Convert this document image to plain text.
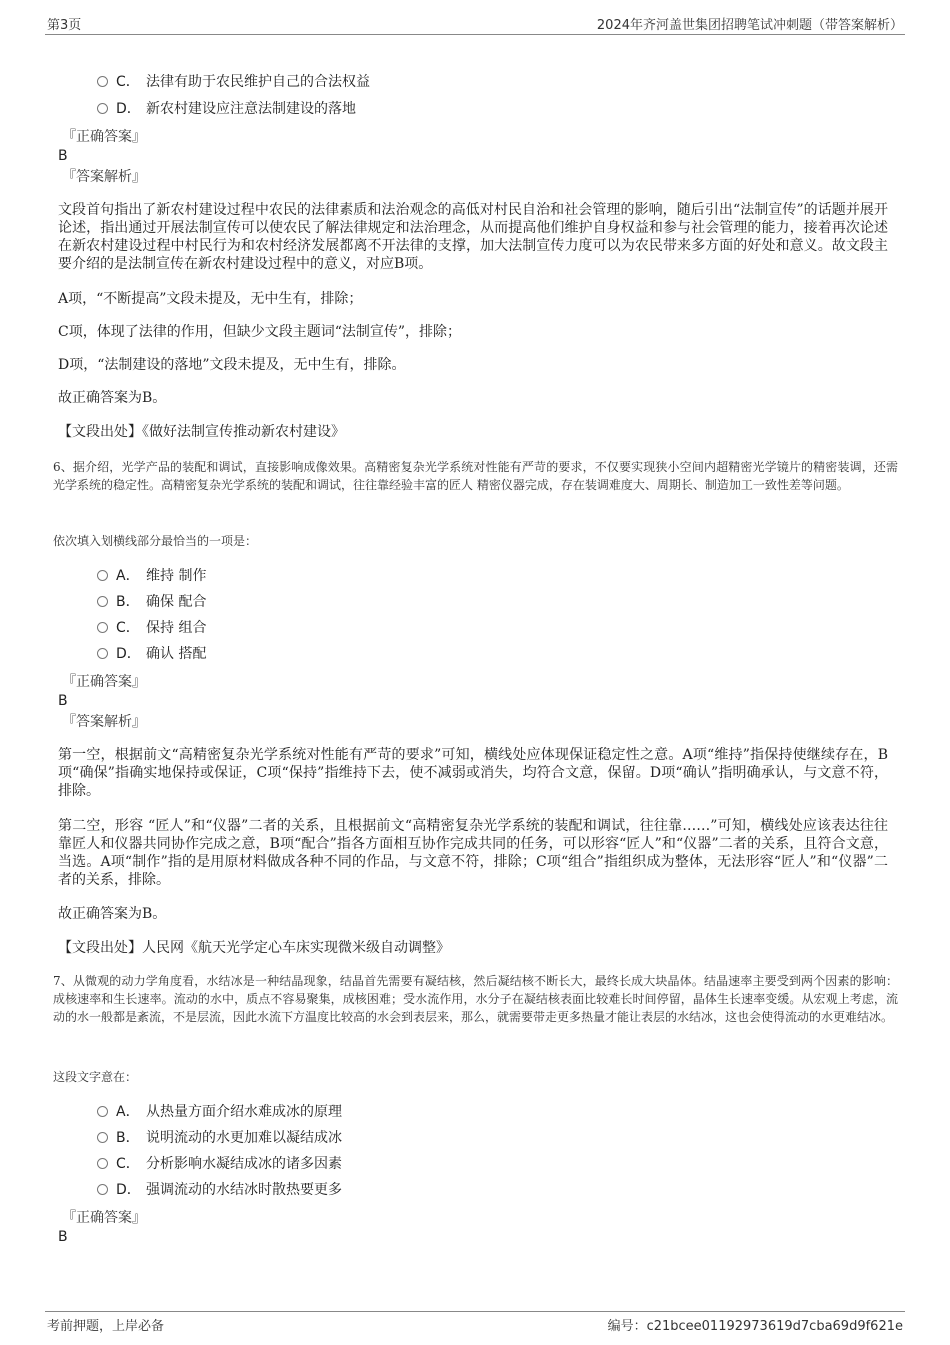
第3页	2024年齐河盖世集团招聘笔试冲刺题（带答案解析）
C． 法律有助于农民维护自己的合法权益
D． 新农村建设应注意法制建设的落地
『正确答案』
B
『答案解析』
文段首句指出了新农村建设过程中农民的法律素质和法治观念的高低对村民自治和社会管理的影响，随后引出“法制宣传”的话题并展开论述，指出通过开展法制宣传可以使农民了解法律规定和法治理念，从而提高他们维护自身权益和参与社会管理的能力，接着再次论述在新农村建设过程中村民行为和农村经济发展都离不开法律的支撑，加大法制宣传力度可以为农民带来多方面的好处和意义。故文段主要介绍的是法制宣传在新农村建设过程中的意义，对应B项。
A项，“不断提高”文段未提及，无中生有，排除；
C项，体现了法律的作用，但缺少文段主题词“法制宣传”，排除；
D项，“法制建设的落地”文段未提及，无中生有，排除。
故正确答案为B。
【文段出处】《做好法制宣传推动新农村建设》
6、据介绍，光学产品的装配和调试，直接影响成像效果。高精密复杂光学系统对性能有严苛的要求，不仅要实现狭小空间内超精密光学镜片的精密装调，还需 光学系统的稳定性。高精密复杂光学系统的装配和调试，往往靠经验丰富的匠人 精密仪器完成，存在装调难度大、周期长、制造加工一致性差等问题。
依次填入划横线部分最恰当的一项是：
A． 维持 制作
B． 确保 配合
C． 保持 组合
D． 确认 搭配
『正确答案』
B
『答案解析』
第一空，根据前文“高精密复杂光学系统对性能有严苛的要求”可知，横线处应体现保证稳定性之意。A项“维持”指保持使继续存在，B项“确保”指确实地保持或保证，C项“保持”指维持下去，使不减弱或消失，均符合文意，保留。D项“确认”指明确承认，与文意不符，排除。
第二空，形容 “匠人”和“仪器”二者的关系，且根据前文“高精密复杂光学系统的装配和调试，往往靠……”可知，横线处应该表达往往靠匠人和仪器共同协作完成之意，B项“配合”指各方面相互协作完成共同的任务，可以形容“匠人”和“仪器”二者的关系，且符合文意，当选。A项“制作”指的是用原材料做成各种不同的作品，与文意不符，排除；C项“组合”指组织成为整体，无法形容“匠人”和“仪器”二者的关系，排除。
故正确答案为B。
【文段出处】人民网《航天光学定心车床实现微米级自动调整》
7、从微观的动力学角度看，水结冰是一种结晶现象，结晶首先需要有凝结核，然后凝结核不断长大，最终长成大块晶体。结晶速率主要受到两个因素的影响：成核速率和生长速率。流动的水中，质点不容易聚集，成核困难；受水流作用，水分子在凝结核表面比较难长时间停留，晶体生长速率变缓。从宏观上考虑，流动的水一般都是紊流，不是层流，因此水流下方温度比较高的水会到表层来，那么，就需要带走更多热量才能让表层的水结冰，这也会使得流动的水更难结冰。
这段文字意在：
A． 从热量方面介绍水难成冰的原理
B． 说明流动的水更加难以凝结成冰
C． 分析影响水凝结成冰的诸多因素
D． 强调流动的水结冰时散热要更多
『正确答案』
B
考前押题，上岸必备	编号：c21bcee01192973619d7cba69d9f621e
